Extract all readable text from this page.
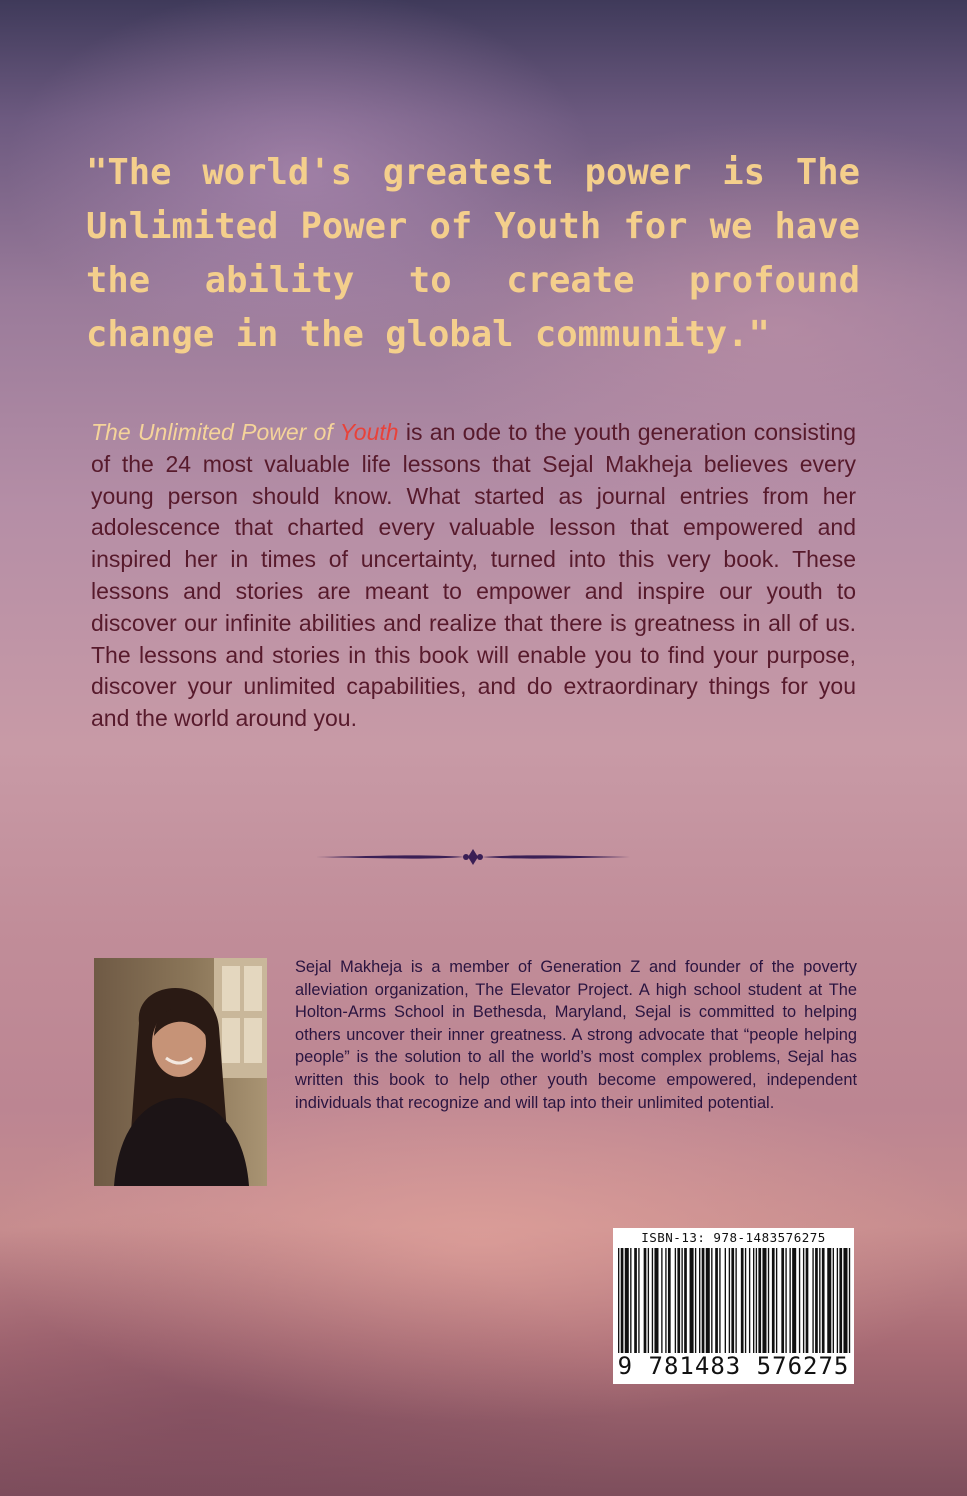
"The world's greatest power is The Unlimited Power of Youth for we have the ability to create profound change in the global community."

The Unlimited Power of Youth is an ode to the youth generation consisting of the 24 most valuable life lessons that Sejal Makheja believes every young person should know. What started as journal entries from her adolescence that charted every valuable lesson that empowered and inspired her in times of uncertainty, turned into this very book. These lessons and stories are meant to empower and inspire our youth to discover our infinite abilities and realize that there is greatness in all of us. The lessons and stories in this book will enable you to find your purpose, discover your unlimited capabilities, and do extraordinary things for you and the world around you.

Sejal Makheja is a member of Generation Z and founder of the poverty alleviation organization, The Elevator Project. A high school student at The Holton-Arms School in Bethesda, Maryland, Sejal is committed to helping others uncover their inner greatness. A strong advocate that “people helping people” is the solution to all the world’s most complex problems, Sejal has written this book to help other youth become empowered, independent individuals that recognize and will tap into their unlimited potential.

ISBN-13: 978-1483576275
9 781483 576275
